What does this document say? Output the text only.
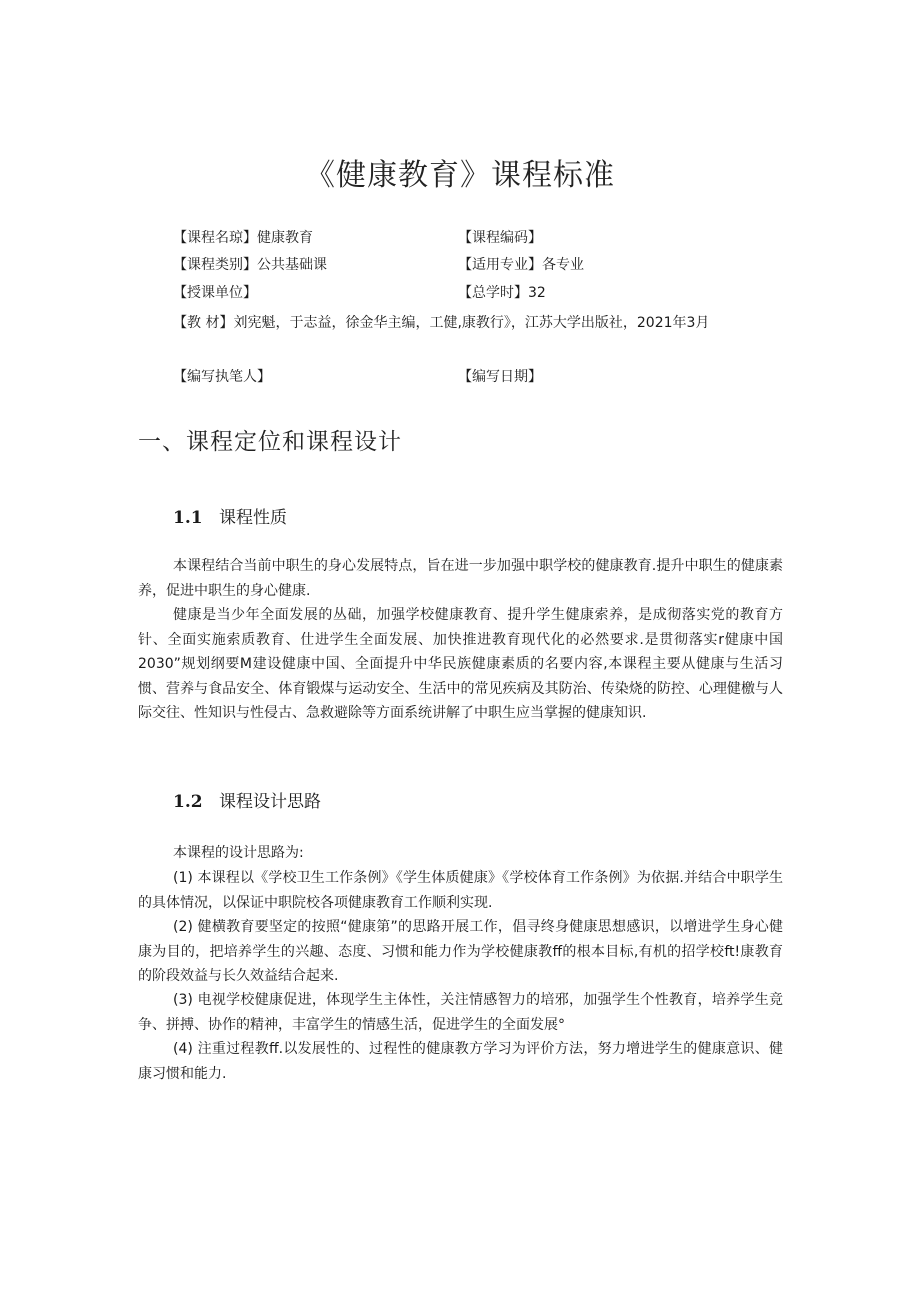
《健康教育》课程标准
【课程名琼】健康教育	【课程编码】
【课程类别】公共基础课	【适用专业】各专业
【授课单位】	【总学时】32
【教 材】刘宪魁，于志益，徐金华主编，工健,康教行》，江苏大学出版社，2021年3月
【编写执笔人】	【编写日期】
一、课程定位和课程设计
1.1 课程性质
本课程结合当前中职生的身心发展特点，旨在进一步加强中职学校的健康教育.提升中职生的健康素养，促进中职生的身心健康.
健康是当少年全面发展的丛础，加强学校健康教育、提升学生健康索养，是成彻落实党的教育方针、全面实施索质教育、仕进学生全面发展、加快推进教育现代化的必然要求.是贯彻落实r健康中国2030”规划纲要M建设健康中国、全面提升中华民族健康素质的名要内容,本课程主要从健康与生活习惯、营养与食品安全、体育锻煤与运动安全、生活中的常见疾病及其防治、传染烧的防控、心理健檄与人际交往、性知识与性侵古、急救避除等方面系统讲解了中职生应当掌握的健康知识.
1.2 课程设计思路
本课程的设计思路为:
(1) 本课程以《学校卫生工作条例》《学生体质健康》《学校体育工作条例》为依据.并结合中职学生的具体情况，以保证中职院校各项健康教育工作顺利实现.
(2) 健横教育要坚定的按照“健康第”的思路开展工作，倡寻终身健康思想感识，以增进学生身心健康为目的，把培养学生的兴趣、态度、习惯和能力作为学校健康教ff的根本目标,有机的招学校ft!康教育的阶段效益与长久效益结合起来.
(3) 电视学校健康促进，体现学生主体性，关注情感智力的培邪，加强学生个性教育，培养学生竞争、拼搏、协作的精神，丰富学生的情感生活，促进学生的全面发展°
(4) 注重过程教ff.以发展性的、过程性的健康教方学习为评价方法，努力增进学生的健康意识、健康习惯和能力.
